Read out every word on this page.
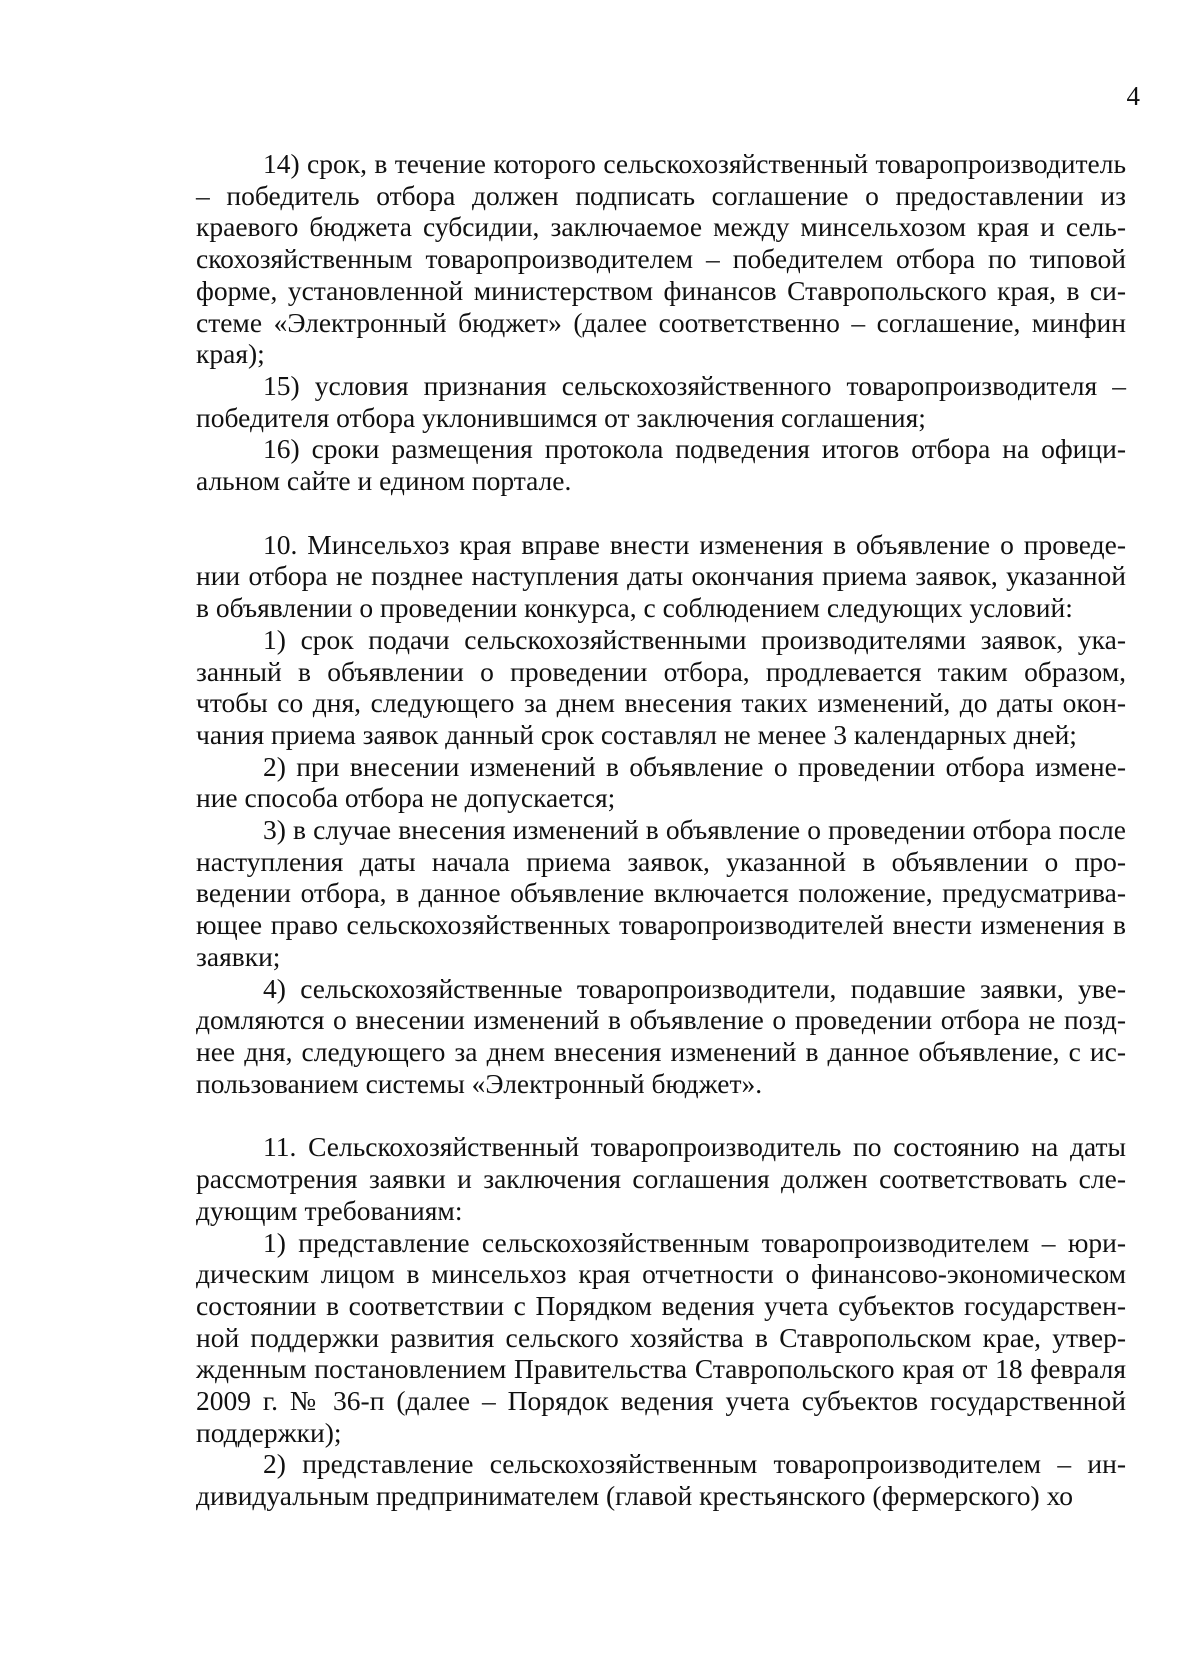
4

14) срок, в течение которого сельскохозяйственный товаропроизводитель – победитель отбора должен подписать соглашение о предоставлении из краевого бюджета субсидии, заключаемое между минсельхозом края и сельскохозяйственным товаропроизводителем – победителем отбора по типовой форме, установленной министерством финансов Ставропольского края, в системе «Электронный бюджет» (далее соответственно – соглашение, минфин края);

15) условия признания сельскохозяйственного товаропроизводителя – победителя отбора уклонившимся от заключения соглашения;

16) сроки размещения протокола подведения итогов отбора на официальном сайте и едином портале.

10. Минсельхоз края вправе внести изменения в объявление о проведении отбора не позднее наступления даты окончания приема заявок, указанной в объявлении о проведении конкурса, с соблюдением следующих условий:

1) срок подачи сельскохозяйственными производителями заявок, указанный в объявлении о проведении отбора, продлевается таким образом, чтобы со дня, следующего за днем внесения таких изменений, до даты окончания приема заявок данный срок составлял не менее 3 календарных дней;

2) при внесении изменений в объявление о проведении отбора изменение способа отбора не допускается;

3) в случае внесения изменений в объявление о проведении отбора после наступления даты начала приема заявок, указанной в объявлении о проведении отбора, в данное объявление включается положение, предусматривающее право сельскохозяйственных товаропроизводителей внести изменения в заявки;

4) сельскохозяйственные товаропроизводители, подавшие заявки, уведомляются о внесении изменений в объявление о проведении отбора не позднее дня, следующего за днем внесения изменений в данное объявление, с использованием системы «Электронный бюджет».

11. Сельскохозяйственный товаропроизводитель по состоянию на даты рассмотрения заявки и заключения соглашения должен соответствовать следующим требованиям:

1) представление сельскохозяйственным товаропроизводителем – юридическим лицом в минсельхоз края отчетности о финансово-экономическом состоянии в соответствии с Порядком ведения учета субъектов государственной поддержки развития сельского хозяйства в Ставропольском крае, утвержденным постановлением Правительства Ставропольского края от 18 февраля 2009 г. № 36-п (далее – Порядок ведения учета субъектов государственной поддержки);

2) представление сельскохозяйственным товаропроизводителем – индивидуальным предпринимателем (главой крестьянского (фермерского) хо
